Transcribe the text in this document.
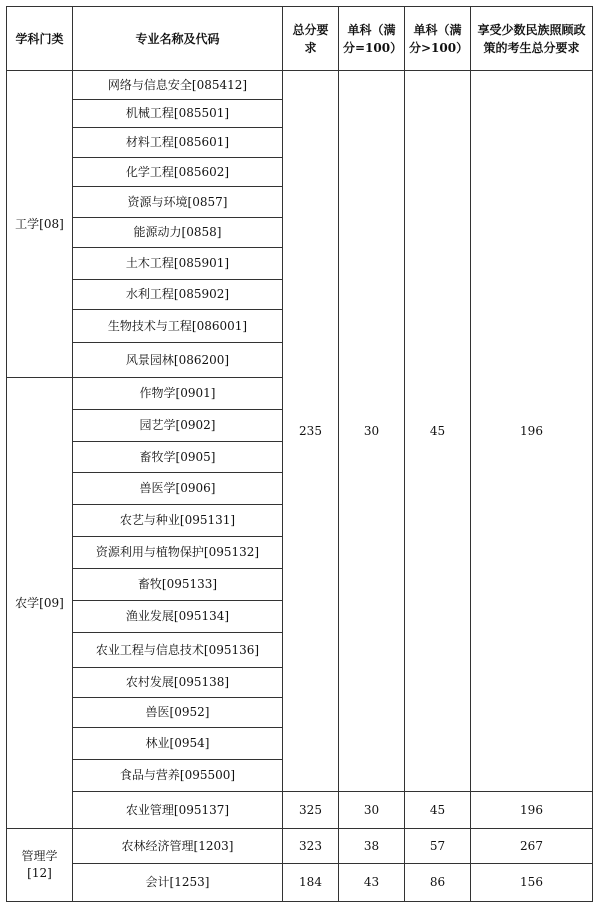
学科门类	专业名称及代码	总分要求	单科（满分=100）	单科（满分>100）	享受少数民族照顾政策的考生总分要求
工学[08]	网络与信息安全[085412]	235	30	45	196
	机械工程[085501]				
	材料工程[085601]				
	化学工程[085602]				
	资源与环境[0857]				
	能源动力[0858]				
	土木工程[085901]				
	水利工程[085902]				
	生物技术与工程[086001]				
	风景园林[086200]				
农学[09]	作物学[0901]				
	园艺学[0902]				
	畜牧学[0905]				
	兽医学[0906]				
	农艺与种业[095131]				
	资源利用与植物保护[095132]				
	畜牧[095133]				
	渔业发展[095134]				
	农业工程与信息技术[095136]				
	农村发展[095138]				
	兽医[0952]				
	林业[0954]				
	食品与营养[095500]				
	农业管理[095137]	325	30	45	196
管理学[12]	农林经济管理[1203]	323	38	57	267
	会计[1253]	184	43	86	156
